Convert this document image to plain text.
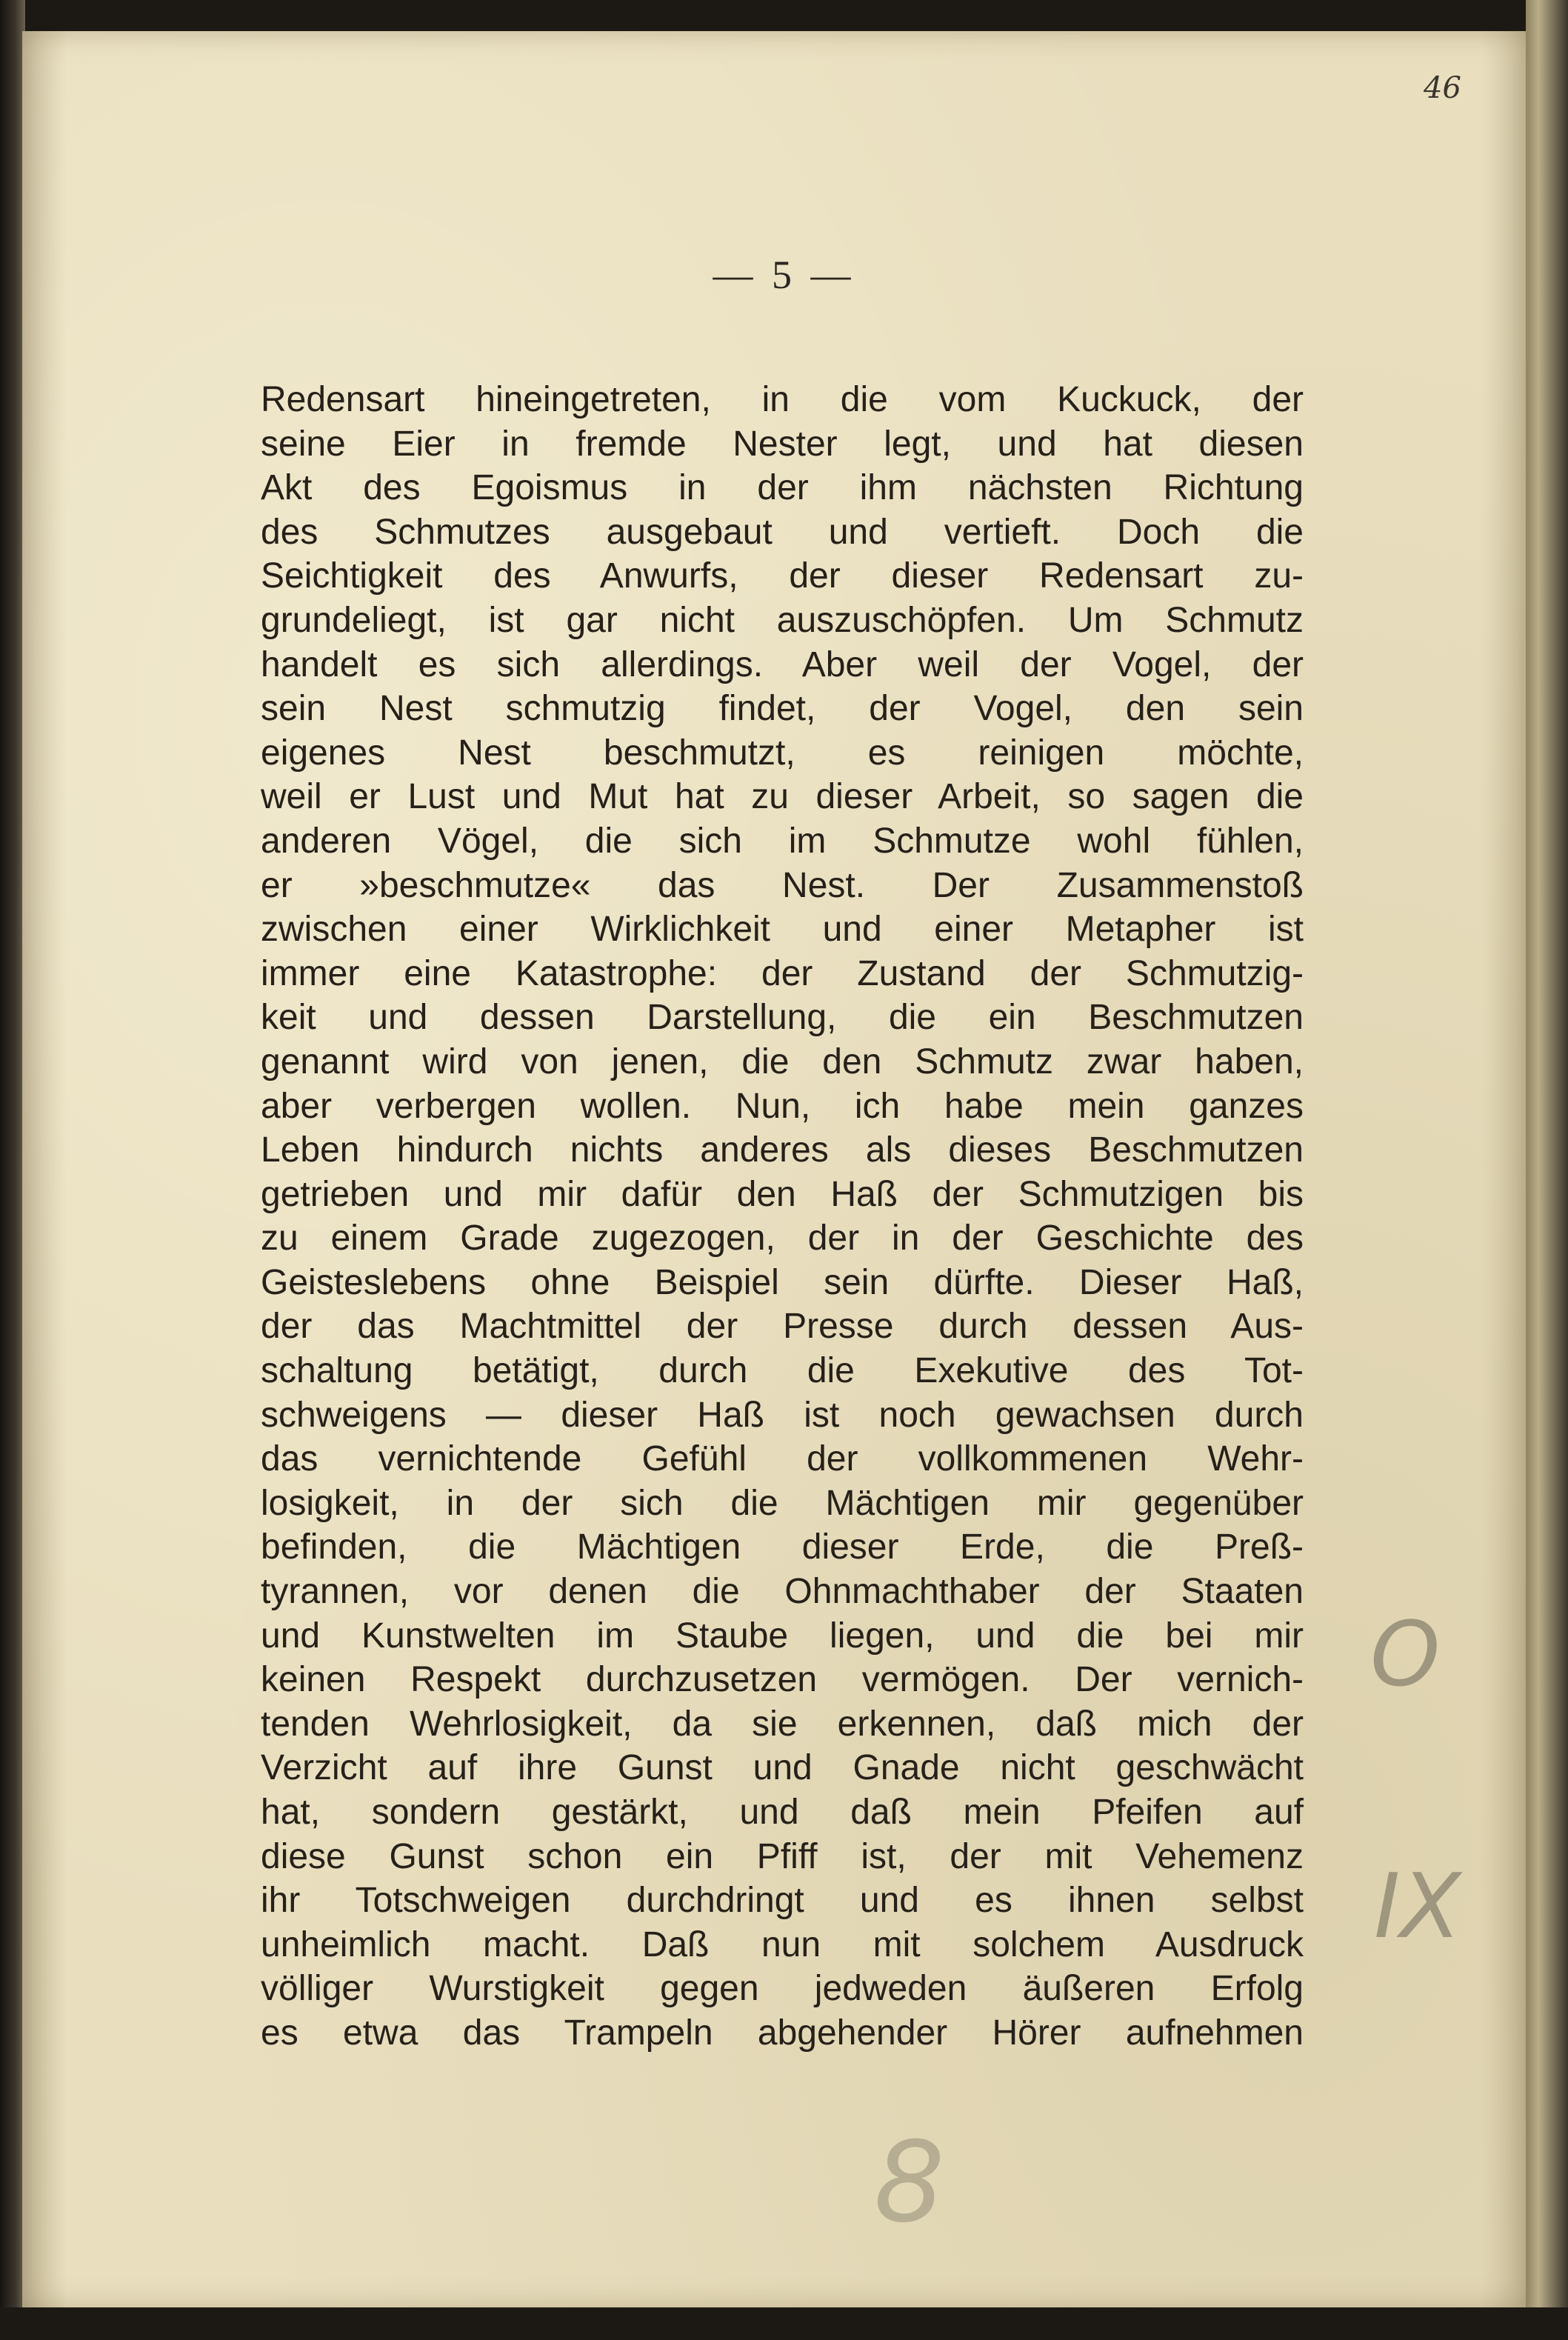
46
— 5 —
Redensart hineingetreten, in die vom Kuckuck, der
seine Eier in fremde Nester legt, und hat diesen
Akt des Egoismus in der ihm nächsten Richtung
des Schmutzes ausgebaut und vertieft. Doch die
Seichtigkeit des Anwurfs, der dieser Redensart zu-
grundeliegt, ist gar nicht auszuschöpfen. Um Schmutz
handelt es sich allerdings. Aber weil der Vogel, der
sein Nest schmutzig findet, der Vogel, den sein
eigenes Nest beschmutzt, es reinigen möchte,
weil er Lust und Mut hat zu dieser Arbeit, so sagen die
anderen Vögel, die sich im Schmutze wohl fühlen,
er »beschmutze« das Nest. Der Zusammenstoß
zwischen einer Wirklichkeit und einer Metapher ist
immer eine Katastrophe: der Zustand der Schmutzig-
keit und dessen Darstellung, die ein Beschmutzen
genannt wird von jenen, die den Schmutz zwar haben,
aber verbergen wollen. Nun, ich habe mein ganzes
Leben hindurch nichts anderes als dieses Beschmutzen
getrieben und mir dafür den Haß der Schmutzigen bis
zu einem Grade zugezogen, der in der Geschichte des
Geisteslebens ohne Beispiel sein dürfte. Dieser Haß,
der das Machtmittel der Presse durch dessen Aus-
schaltung betätigt, durch die Exekutive des Tot-
schweigens — dieser Haß ist noch gewachsen durch
das vernichtende Gefühl der vollkommenen Wehr-
losigkeit, in der sich die Mächtigen mir gegenüber
befinden, die Mächtigen dieser Erde, die Preß-
tyrannen, vor denen die Ohnmachthaber der Staaten
und Kunstwelten im Staube liegen, und die bei mir
keinen Respekt durchzusetzen vermögen. Der vernich-
tenden Wehrlosigkeit, da sie erkennen, daß mich der
Verzicht auf ihre Gunst und Gnade nicht geschwächt
hat, sondern gestärkt, und daß mein Pfeifen auf
diese Gunst schon ein Pfiff ist, der mit Vehemenz
ihr Totschweigen durchdringt und es ihnen selbst
unheimlich macht. Daß nun mit solchem Ausdruck
völliger Wurstigkeit gegen jedweden äußeren Erfolg
es etwa das Trampeln abgehender Hörer aufnehmen
O
IX
8
